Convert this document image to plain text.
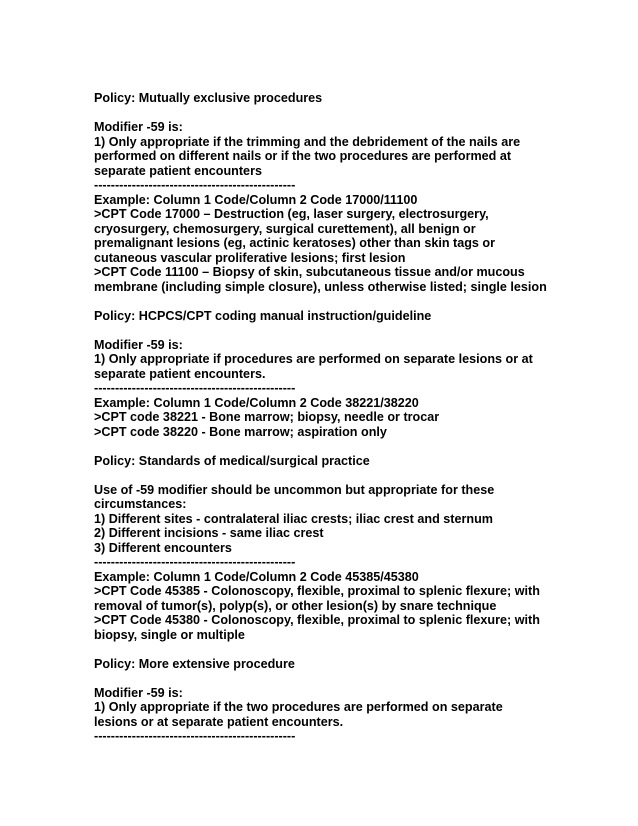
Policy: Mutually exclusive procedures
Modifier -59 is:
1) Only appropriate if the trimming and the debridement of the nails are
performed on different nails or if the two procedures are performed at
separate patient encounters
------------------------------------------------
Example: Column 1 Code/Column 2 Code 17000/11100
>CPT Code 17000 – Destruction (eg, laser surgery, electrosurgery,
cryosurgery, chemosurgery, surgical curettement), all benign or
premalignant lesions (eg, actinic keratoses) other than skin tags or
cutaneous vascular proliferative lesions; first lesion
>CPT Code 11100 – Biopsy of skin, subcutaneous tissue and/or mucous
membrane (including simple closure), unless otherwise listed; single lesion
Policy: HCPCS/CPT coding manual instruction/guideline
Modifier -59 is:
1) Only appropriate if procedures are performed on separate lesions or at
separate patient encounters.
------------------------------------------------
Example: Column 1 Code/Column 2 Code 38221/38220
>CPT code 38221 - Bone marrow; biopsy, needle or trocar
>CPT code 38220 - Bone marrow; aspiration only
Policy: Standards of medical/surgical practice
Use of -59 modifier should be uncommon but appropriate for these
circumstances:
1) Different sites - contralateral iliac crests; iliac crest and sternum
2) Different incisions - same iliac crest
3) Different encounters
------------------------------------------------
Example: Column 1 Code/Column 2 Code 45385/45380
>CPT Code 45385 - Colonoscopy, flexible, proximal to splenic flexure; with
removal of tumor(s), polyp(s), or other lesion(s) by snare technique
>CPT Code 45380 - Colonoscopy, flexible, proximal to splenic flexure; with
biopsy, single or multiple
Policy: More extensive procedure
Modifier -59 is:
1) Only appropriate if the two procedures are performed on separate
lesions or at separate patient encounters.
------------------------------------------------
